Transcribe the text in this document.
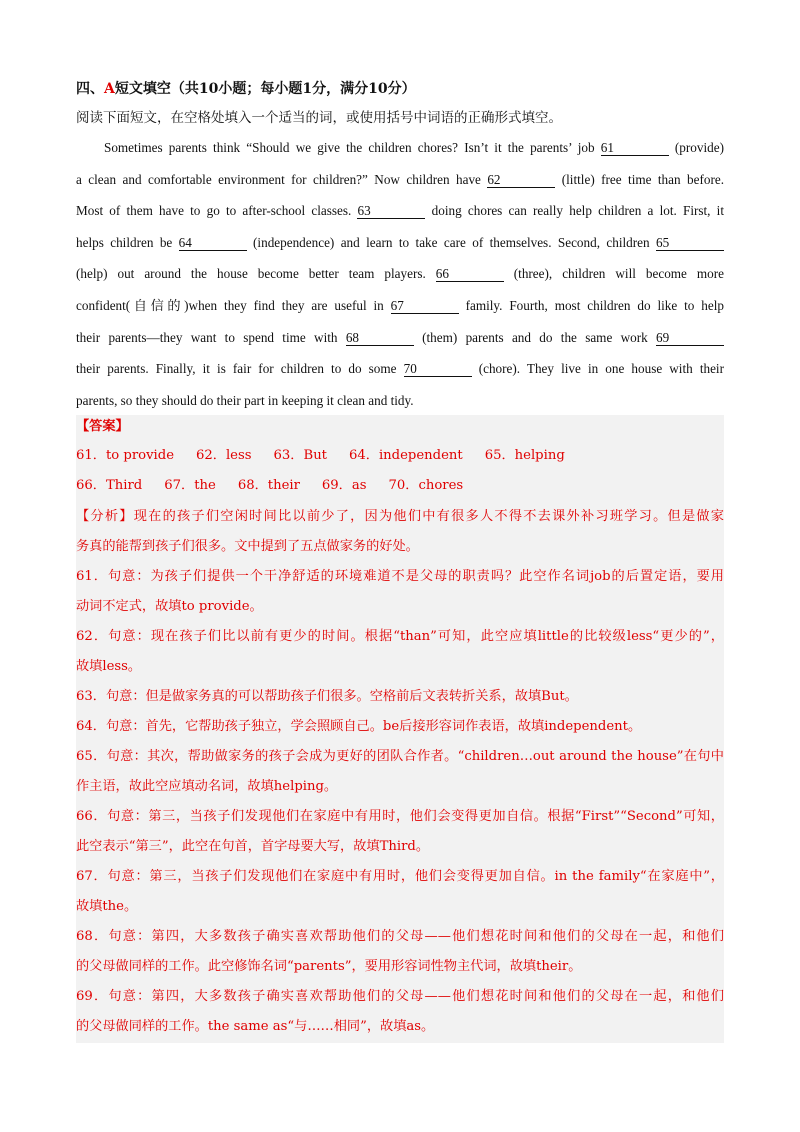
四、A短文填空（共10小题；每小题1分，满分10分）
阅读下面短文，在空格处填入一个适当的词，或使用括号中词语的正确形式填空。
Sometimes parents think “Should we give the children chores? Isn’t it the parents’ job 61	(provide)
a clean and comfortable environment for children?” Now children have 62	(little) free time than before.
Most of them have to go to after-school classes. 63	doing chores can really help children a lot. First, it
helps children be 64	(independence) and learn to take care of themselves. Second, children 65
(help) out around the house become better team players. 66	(three), children will become more
confident(自信的)when they find they are useful in 67	family. Fourth, most children do like to help
their parents—they want to spend time with 68	(them) parents and do the same work 69
their parents. Finally, it is fair for children to do some 70	(chore). They live in one house with their
parents, so they should do their part in keeping it clean and tidy.
【答案】
61．to provide 62．less 63．But 64．independent 65．helping
66．Third 67．the 68．their 69．as 70．chores
【分析】现在的孩子们空闲时间比以前少了，因为他们中有很多人不得不去课外补习班学习。但是做家
务真的能帮到孩子们很多。文中提到了五点做家务的好处。
61．句意：为孩子们提供一个干净舒适的环境难道不是父母的职责吗？此空作名词job的后置定语，要用
动词不定式，故填to provide。
62．句意：现在孩子们比以前有更少的时间。根据“than”可知，此空应填little的比较级less“更少的”，
故填less。
63．句意：但是做家务真的可以帮助孩子们很多。空格前后文表转折关系，故填But。
64．句意：首先，它帮助孩子独立，学会照顾自己。be后接形容词作表语，故填independent。
65．句意：其次，帮助做家务的孩子会成为更好的团队合作者。“children…out around the house”在句中
作主语，故此空应填动名词，故填helping。
66．句意：第三，当孩子们发现他们在家庭中有用时，他们会变得更加自信。根据“First”“Second”可知，
此空表示“第三”，此空在句首，首字母要大写，故填Third。
67．句意：第三，当孩子们发现他们在家庭中有用时，他们会变得更加自信。in the family“在家庭中”，
故填the。
68．句意：第四，大多数孩子确实喜欢帮助他们的父母——他们想花时间和他们的父母在一起，和他们
的父母做同样的工作。此空修饰名词“parents”，要用形容词性物主代词，故填their。
69．句意：第四，大多数孩子确实喜欢帮助他们的父母——他们想花时间和他们的父母在一起，和他们
的父母做同样的工作。the same as“与……相同”，故填as。
